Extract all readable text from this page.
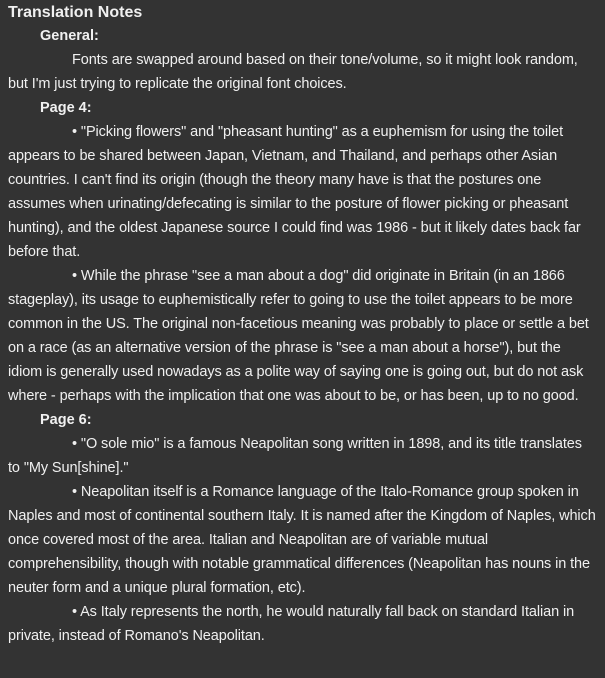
Translation Notes
General:

Fonts are swapped around based on their tone/volume, so it might look random, but I'm just trying to replicate the original font choices.

Page 4:

• "Picking flowers" and "pheasant hunting" as a euphemism for using the toilet appears to be shared between Japan, Vietnam, and Thailand, and perhaps other Asian countries. I can't find its origin (though the theory many have is that the postures one assumes when urinating/defecating is similar to the posture of flower picking or pheasant hunting), and the oldest Japanese source I could find was 1986 - but it likely dates back far before that.

• While the phrase "see a man about a dog" did originate in Britain (in an 1866 stageplay), its usage to euphemistically refer to going to use the toilet appears to be more common in the US. The original non-facetious meaning was probably to place or settle a bet on a race (as an alternative version of the phrase is "see a man about a horse"), but the idiom is generally used nowadays as a polite way of saying one is going out, but do not ask where - perhaps with the implication that one was about to be, or has been, up to no good.

Page 6:

• "O sole mio" is a famous Neapolitan song written in 1898, and its title translates to "My Sun[shine]."

• Neapolitan itself is a Romance language of the Italo-Romance group spoken in Naples and most of continental southern Italy. It is named after the Kingdom of Naples, which once covered most of the area. Italian and Neapolitan are of variable mutual comprehensibility, though with notable grammatical differences (Neapolitan has nouns in the neuter form and a unique plural formation, etc).

• As Italy represents the north, he would naturally fall back on standard Italian in private, instead of Romano's Neapolitan.
